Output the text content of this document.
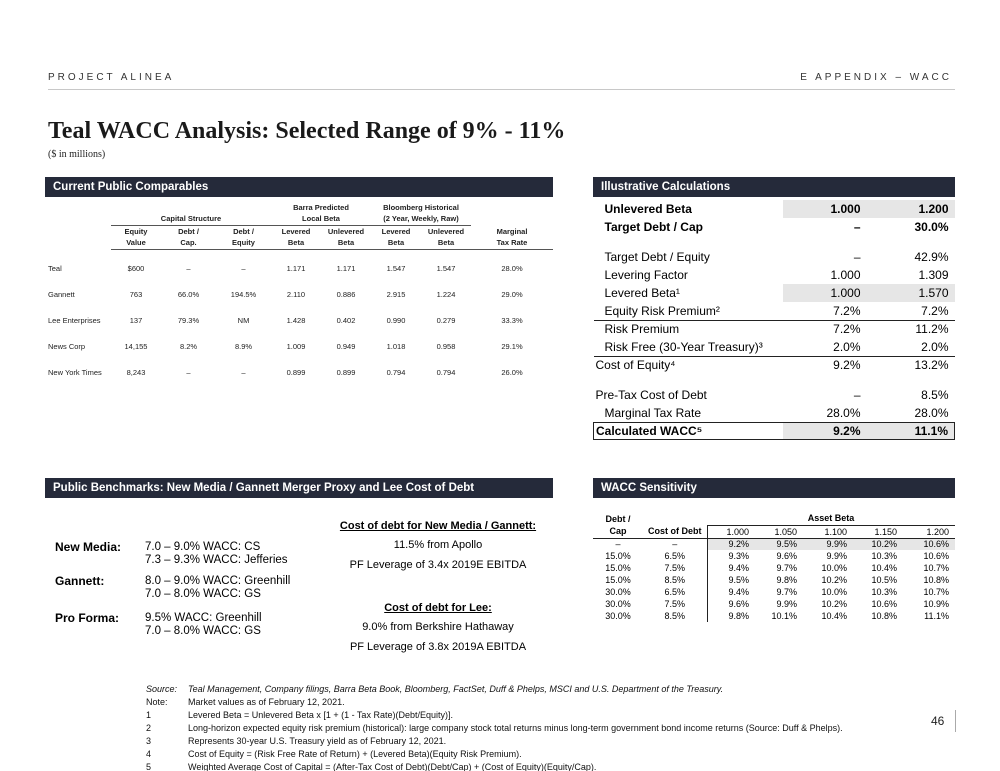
PROJECT ALINEA	E APPENDIX – WACC
Teal WACC Analysis: Selected Range of 9% - 11%
($ in millions)
Current Public Comparables
				Barra Predicted		Bloomberg Historical		
	Capital Structure			Local Beta		(2 Year, Weekly, Raw)		
	Equity	Debt /	Debt /	Levered	Unlevered	Levered	Unlevered	Marginal
	Value	Cap.	Equity	Beta	Beta	Beta	Beta	Tax Rate

Teal	$600	–	–	1.171	1.171	1.547	1.547	28.0%
Gannett	763	66.0%	194.5%	2.110	0.886	2.915	1.224	29.0%
Lee Enterprises	137	79.3%	NM	1.428	0.402	0.990	0.279	33.3%
News Corp	14,155	8.2%	8.9%	1.009	0.949	1.018	0.958	29.1%
New York Times	8,243	–	–	0.899	0.899	0.794	0.794	26.0%
Illustrative Calculations
Unlevered Beta	1.000	1.200
Target Debt / Cap	–	30.0%

Target Debt / Equity	–	42.9%
Levering Factor	1.000	1.309
Levered Beta¹	1.000	1.570
Equity Risk Premium²	7.2%	7.2%
Risk Premium	7.2%	11.2%
Risk Free (30-Year Treasury)³	2.0%	2.0%
Cost of Equity⁴	9.2%	13.2%

Pre-Tax Cost of Debt	–	8.5%
Marginal Tax Rate	28.0%	28.0%
Calculated WACC⁵	9.2%	11.1%
Public Benchmarks: New Media / Gannett Merger Proxy and Lee Cost of Debt
New Media: 7.0 – 9.0% WACC: CS
7.3 – 9.3% WACC: Jefferies
Gannett:	8.0 – 9.0% WACC: Greenhill
7.0 – 8.0% WACC: GS
Pro Forma: 9.5% WACC: Greenhill
7.0 – 8.0% WACC: GS
Cost of debt for New Media / Gannett:
11.5% from Apollo
PF Leverage of 3.4x 2019E EBITDA
Cost of debt for Lee:
9.0% from Berkshire Hathaway
PF Leverage of 3.8x 2019A EBITDA
WACC Sensitivity
Debt /		Asset Beta				
Cap	Cost of Debt	1.000	1.050	1.100	1.150	1.200
–	–	9.2%	9.5%	9.9%	10.2%	10.6%
15.0%	6.5%	9.3%	9.6%	9.9%	10.3%	10.6%
15.0%	7.5%	9.4%	9.7%	10.0%	10.4%	10.7%
15.0%	8.5%	9.5%	9.8%	10.2%	10.5%	10.8%
30.0%	6.5%	9.4%	9.7%	10.0%	10.3%	10.7%
30.0%	7.5%	9.6%	9.9%	10.2%	10.6%	10.9%
30.0%	8.5%	9.8%	10.1%	10.4%	10.8%	11.1%
Source:	Teal Management, Company filings, Barra Beta Book, Bloomberg, FactSet, Duff & Phelps, MSCI and U.S. Department of the Treasury.
Note:	Market values as of February 12, 2021.
1	Levered Beta = Unlevered Beta x [1 + (1 - Tax Rate)(Debt/Equity)].
2	Long-horizon expected equity risk premium (historical): large company stock total returns minus long-term government bond income returns (Source: Duff & Phelps).
3	Represents 30-year U.S. Treasury yield as of February 12, 2021.
4	Cost of Equity = (Risk Free Rate of Return) + (Levered Beta)(Equity Risk Premium).
5	Weighted Average Cost of Capital = (After-Tax Cost of Debt)(Debt/Cap) + (Cost of Equity)(Equity/Cap).
46
